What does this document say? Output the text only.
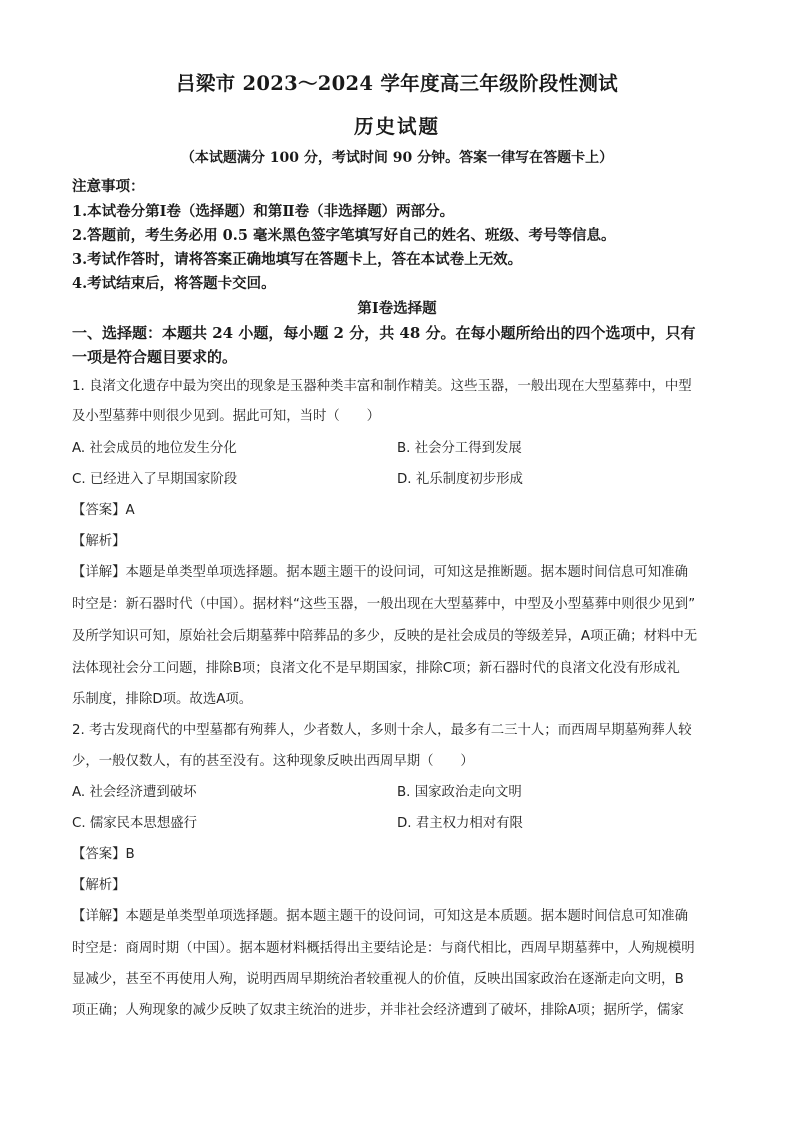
吕梁市 2023～2024 学年度高三年级阶段性测试
历史试题
（本试题满分 100 分，考试时间 90 分钟。答案一律写在答题卡上）
注意事项：
1.本试卷分第Ⅰ卷（选择题）和第Ⅱ卷（非选择题）两部分。
2.答题前，考生务必用 0.5 毫米黑色签字笔填写好自己的姓名、班级、考号等信息。
3.考试作答时，请将答案正确地填写在答题卡上，答在本试卷上无效。
4.考试结束后，将答题卡交回。
第Ⅰ卷选择题
一、选择题：本题共 24 小题，每小题 2 分，共 48 分。在每小题所给出的四个选项中，只有
一项是符合题目要求的。
1. 良渚文化遗存中最为突出的现象是玉器种类丰富和制作精美。这些玉器，一般出现在大型墓葬中，中型
及小型墓葬中则很少见到。据此可知，当时（　　）
A. 社会成员的地位发生分化	B. 社会分工得到发展
C. 已经进入了早期国家阶段	D. 礼乐制度初步形成
【答案】A
【解析】
【详解】本题是单类型单项选择题。据本题主题干的设问词，可知这是推断题。据本题时间信息可知准确
时空是：新石器时代（中国）。据材料“这些玉器，一般出现在大型墓葬中，中型及小型墓葬中则很少见到”
及所学知识可知，原始社会后期墓葬中陪葬品的多少，反映的是社会成员的等级差异，A项正确；材料中无
法体现社会分工问题，排除B项；良渚文化不是早期国家，排除C项；新石器时代的良渚文化没有形成礼
乐制度，排除D项。故选A项。
2. 考古发现商代的中型墓都有殉葬人，少者数人，多则十余人，最多有二三十人；而西周早期墓殉葬人较
少，一般仅数人，有的甚至没有。这种现象反映出西周早期（　　）
A. 社会经济遭到破坏	B. 国家政治走向文明
C. 儒家民本思想盛行	D. 君主权力相对有限
【答案】B
【解析】
【详解】本题是单类型单项选择题。据本题主题干的设问词，可知这是本质题。据本题时间信息可知准确
时空是：商周时期（中国）。据本题材料概括得出主要结论是：与商代相比，西周早期墓葬中，人殉规模明
显减少，甚至不再使用人殉，说明西周早期统治者较重视人的价值，反映出国家政治在逐渐走向文明，B
项正确；人殉现象的减少反映了奴隶主统治的进步，并非社会经济遭到了破坏，排除A项；据所学，儒家
